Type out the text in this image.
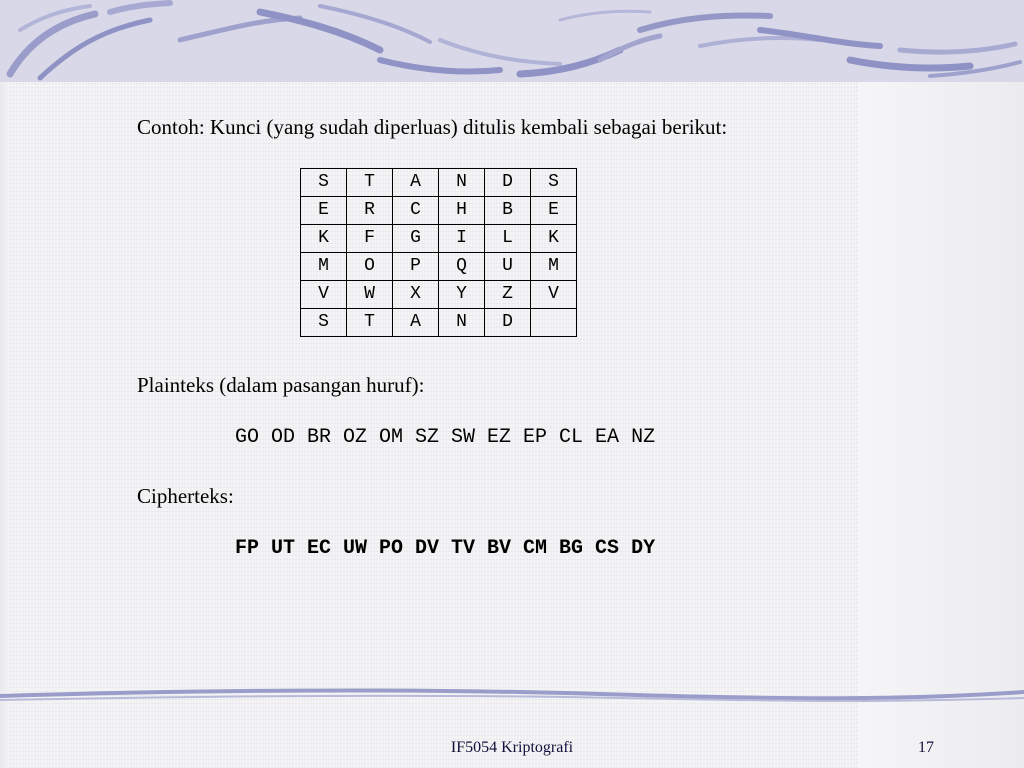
Contoh: Kunci (yang sudah diperluas) ditulis kembali sebagai berikut:
S	T	A	N	D	S
E	R	C	H	B	E
K	F	G	I	L	K
M	O	P	Q	U	M
V	W	X	Y	Z	V
S	T	A	N	D	
Plainteks (dalam pasangan huruf):
GO OD BR OZ OM SZ SW EZ EP CL EA NZ
Cipherteks:
FP UT EC UW PO DV TV BV CM BG CS DY
IF5054 Kriptografi	17
